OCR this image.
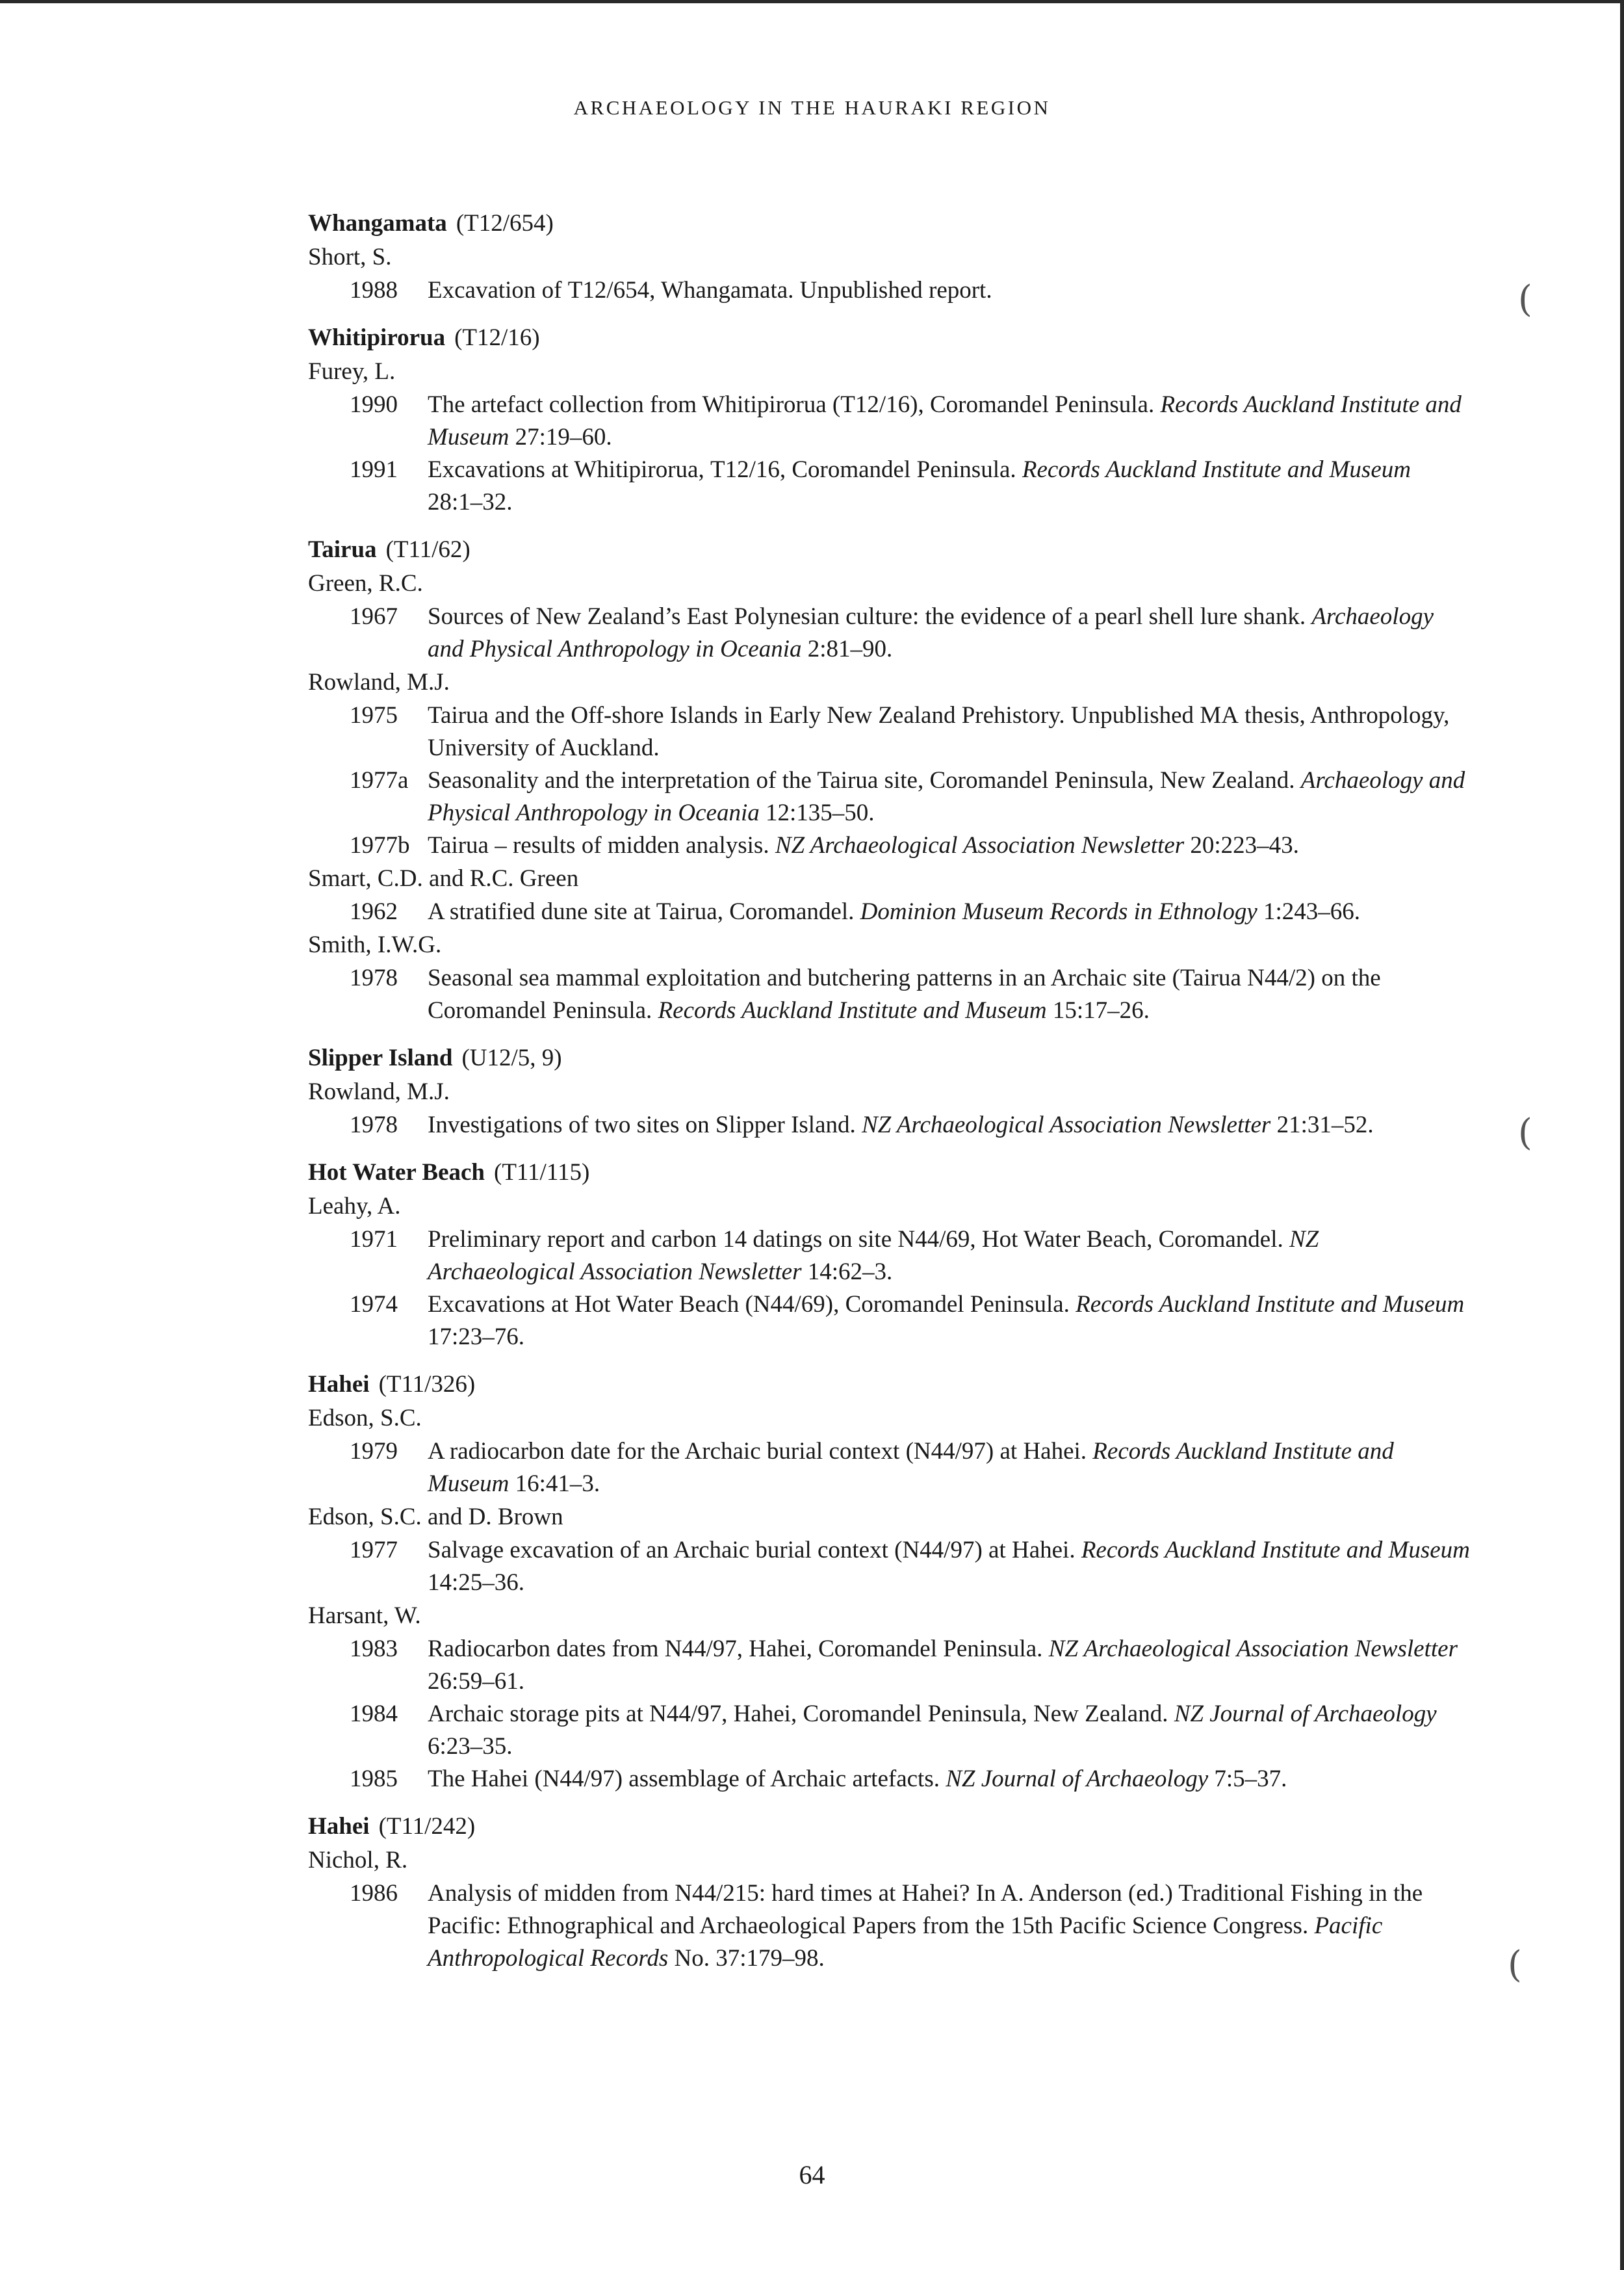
ARCHAEOLOGY IN THE HAURAKI REGION
Whangamata (T12/654)
Short, S.
1988	Excavation of T12/654, Whangamata. Unpublished report.
Whitipirorua (T12/16)
Furey, L.
1990	The artefact collection from Whitipirorua (T12/16), Coromandel Peninsula. Records Auckland Institute and Museum 27:19–60.
1991	Excavations at Whitipirorua, T12/16, Coromandel Peninsula. Records Auckland Institute and Museum 28:1–32.
Tairua (T11/62)
Green, R.C.
1967	Sources of New Zealand’s East Polynesian culture: the evidence of a pearl shell lure shank. Archaeology and Physical Anthropology in Oceania 2:81–90.
Rowland, M.J.
1975	Tairua and the Off-shore Islands in Early New Zealand Prehistory. Unpublished MA thesis, Anthropology, University of Auckland.
1977a Seasonality and the interpretation of the Tairua site, Coromandel Peninsula, New Zealand. Archaeology and Physical Anthropology in Oceania 12:135–50.
1977b Tairua – results of midden analysis. NZ Archaeological Association Newsletter 20:223–43.
Smart, C.D. and R.C. Green
1962	A stratified dune site at Tairua, Coromandel. Dominion Museum Records in Ethnology 1:243–66.
Smith, I.W.G.
1978	Seasonal sea mammal exploitation and butchering patterns in an Archaic site (Tairua N44/2) on the Coromandel Peninsula. Records Auckland Institute and Museum 15:17–26.
Slipper Island (U12/5, 9)
Rowland, M.J.
1978	Investigations of two sites on Slipper Island. NZ Archaeological Association Newsletter 21:31–52.
Hot Water Beach (T11/115)
Leahy, A.
1971	Preliminary report and carbon 14 datings on site N44/69, Hot Water Beach, Coromandel. NZ Archaeological Association Newsletter 14:62–3.
1974	Excavations at Hot Water Beach (N44/69), Coromandel Peninsula. Records Auckland Institute and Museum 17:23–76.
Hahei (T11/326)
Edson, S.C.
1979	A radiocarbon date for the Archaic burial context (N44/97) at Hahei. Records Auckland Institute and Museum 16:41–3.
Edson, S.C. and D. Brown
1977	Salvage excavation of an Archaic burial context (N44/97) at Hahei. Records Auckland Institute and Museum 14:25–36.
Harsant, W.
1983	Radiocarbon dates from N44/97, Hahei, Coromandel Peninsula. NZ Archaeological Association Newsletter 26:59–61.
1984	Archaic storage pits at N44/97, Hahei, Coromandel Peninsula, New Zealand. NZ Journal of Archaeology 6:23–35.
1985	The Hahei (N44/97) assemblage of Archaic artefacts. NZ Journal of Archaeology 7:5–37.
Hahei (T11/242)
Nichol, R.
1986	Analysis of midden from N44/215: hard times at Hahei? In A. Anderson (ed.) Traditional Fishing in the Pacific: Ethnographical and Archaeological Papers from the 15th Pacific Science Congress. Pacific Anthropological Records No. 37:179–98.
(
(
(
64
